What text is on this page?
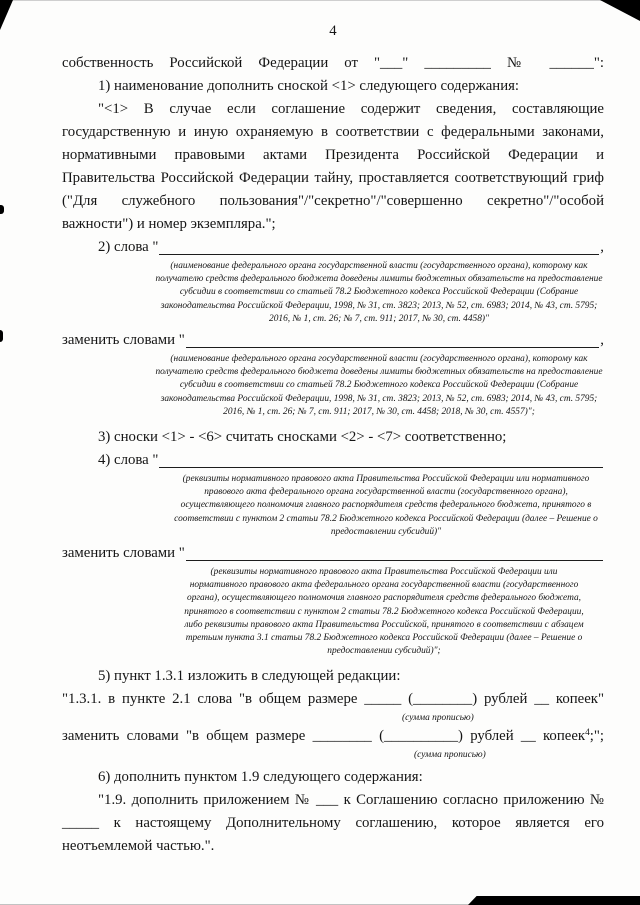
4

собственность Российской Федерации от "___" _________ № ______":

1) наименование дополнить сноской <1> следующего содержания:

"<1> В случае если соглашение содержит сведения, составляющие государственную и иную охраняемую в соответствии с федеральными законами, нормативными правовыми актами Президента Российской Федерации и Правительства Российской Федерации тайну, проставляется соответствующий гриф ("Для служебного пользования"/"секретно"/"совершенно секретно"/"особой важности") и номер экземпляра.";

2) слова "	,
(наименование федерального органа государственной власти (государственного органа), которому как получателю средств федерального бюджета доведены лимиты бюджетных обязательств на предоставление субсидии в соответствии со статьей 78.2 Бюджетного кодекса Российской Федерации (Собрание законодательства Российской Федерации, 1998, № 31, ст. 3823; 2013, № 52, ст. 6983; 2014, № 43, ст. 5795; 2016, № 1, ст. 26; № 7, ст. 911; 2017, № 30, ст. 4458)"
заменить словами "	,
(наименование федерального органа государственной власти (государственного органа), которому как получателю средств федерального бюджета доведены лимиты бюджетных обязательств на предоставление субсидии в соответствии со статьей 78.2 Бюджетного кодекса Российской Федерации (Собрание законодательства Российской Федерации, 1998, № 31, ст. 3823; 2013, № 52, ст. 6983; 2014, № 43, ст. 5795; 2016, № 1, ст. 26; № 7, ст. 911; 2017, № 30, ст. 4458; 2018, № 30, ст. 4557)";

3) сноски <1> - <6> считать сносками <2> - <7> соответственно;

4) слова "
(реквизиты нормативного правового акта Правительства Российской Федерации или нормативного правового акта федерального органа государственной власти (государственного органа), осуществляющего полномочия главного распорядителя средств федерального бюджета, принятого в соответствии с пунктом 2 статьи 78.2 Бюджетного кодекса Российской Федерации (далее – Решение о предоставлении субсидий)"
заменить словами "
(реквизиты нормативного правового акта Правительства Российской Федерации или нормативного правового акта федерального органа государственной власти (государственного органа), осуществляющего полномочия главного распорядителя средств федерального бюджета, принятого в соответствии с пунктом 2 статьи 78.2 Бюджетного кодекса Российской Федерации, либо реквизиты правового акта Правительства Российской, принятого в соответствии с абзацем третьим пункта 3.1 статьи 78.2 Бюджетного кодекса Российской Федерации (далее – Решение о предоставлении субсидий)";

5) пункт 1.3.1 изложить в следующей редакции:

"1.3.1. в пункте 2.1 слова "в общем размере _____ (________) рублей __ копеек"

(сумма прописью)

заменить словами "в общем размере ________ (__________) рублей __ копеек$^4$;";

(сумма прописью)

6) дополнить пунктом 1.9 следующего содержания:

"1.9. дополнить приложением № ___ к Соглашению согласно приложению № _____ к настоящему Дополнительному соглашению, которое является его неотъемлемой частью.".
